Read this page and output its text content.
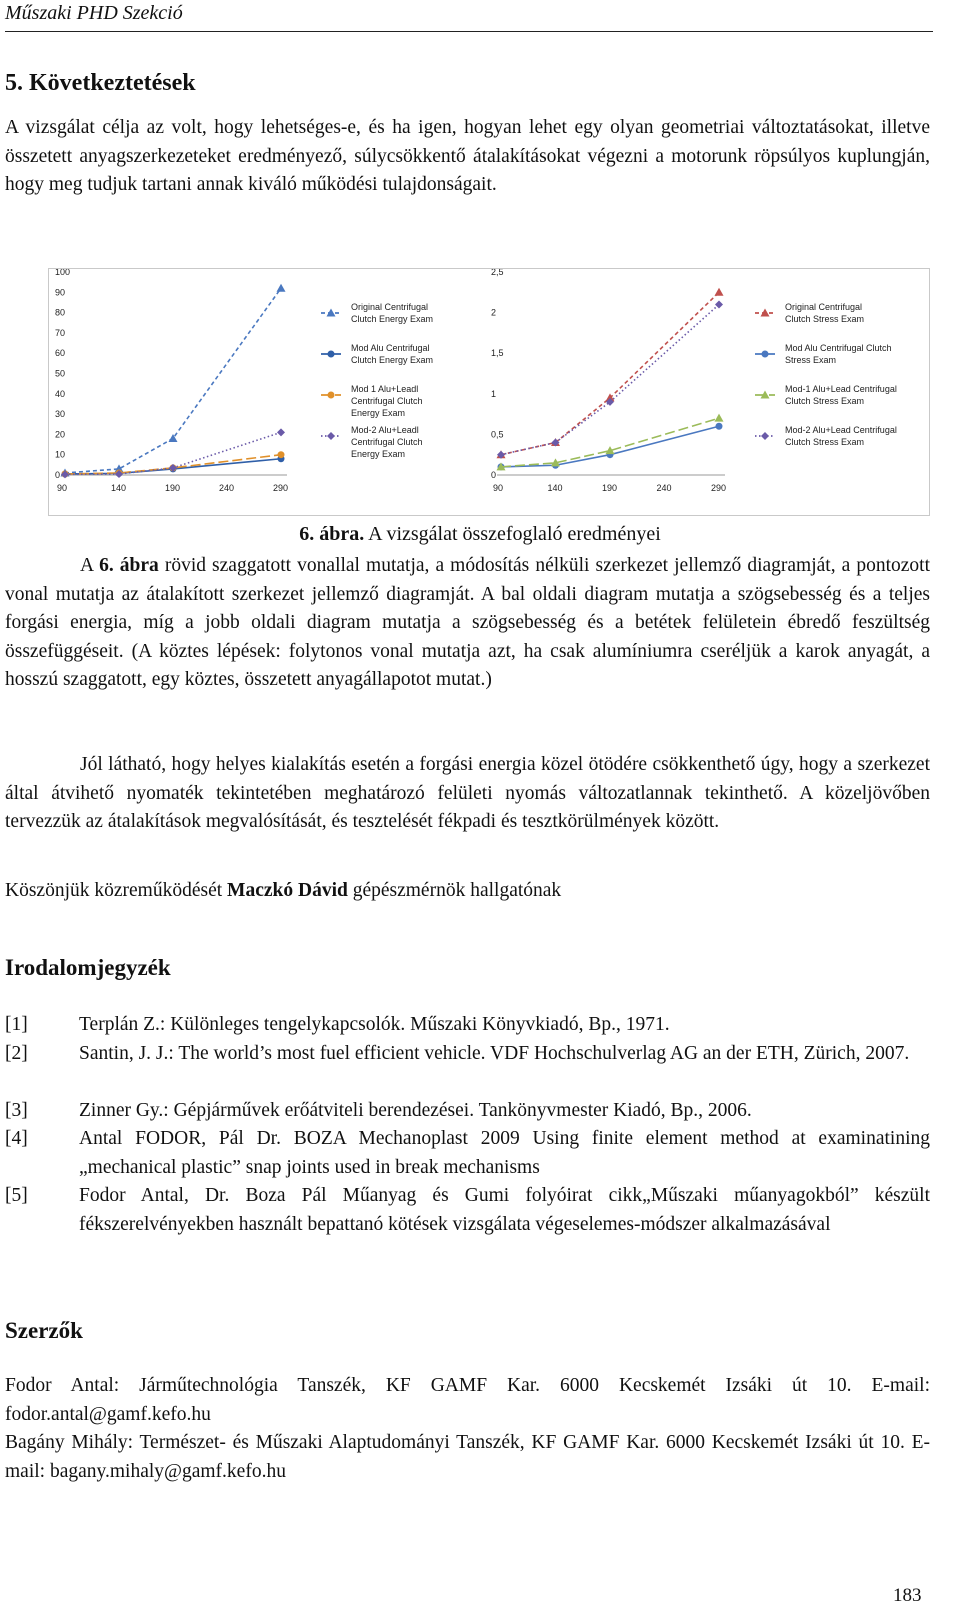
Műszaki PHD Szekció
5. Következtetések

A vizsgálat célja az volt, hogy lehetséges-e, és ha igen, hogyan lehet egy olyan geometriai változtatásokat, illetve összetett anyagszerkezeteket eredményező, súlycsökkentő átalakításokat végezni a motorunk röpsúlyos kuplungján, hogy meg tudjuk tartani annak kiváló működési tulajdonságait.

0
10
20
30
40
50
60
70
80
90
100
90	140	190	240	290
Original Centrifugal
Clutch Energy Exam
Mod Alu Centrifugal
Clutch Energy Exam
Mod 1 Alu+Leadl
Centrifugal Clutch
Energy Exam
Mod-2 Alu+Leadl
Centrifugal Clutch
Energy Exam
0
0,5
1
1,5
2
2,5
90	140	190	240	290
Original Centrifugal
Clutch Stress Exam
Mod Alu Centrifugal Clutch
Stress Exam
Mod-1 Alu+Lead Centrifugal
Clutch Stress Exam
Mod-2 Alu+Lead Centrifugal
Clutch Stress Exam
6. ábra. A vizsgálat összefoglaló eredményei

A 6. ábra rövid szaggatott vonallal mutatja, a módosítás nélküli szerkezet jellemző diagramját, a pontozott vonal mutatja az átalakított szerkezet jellemző diagramját. A bal oldali diagram mutatja a szögsebesség és a teljes forgási energia, míg a jobb oldali diagram mutatja a szögsebesség és a betétek felületein ébredő feszültség összefüggéseit. (A köztes lépések: folytonos vonal mutatja azt, ha csak alumíniumra cseréljük a karok anyagát, a hosszú szaggatott, egy köztes, összetett anyagállapotot mutat.)

Jól látható, hogy helyes kialakítás esetén a forgási energia közel ötödére csökkenthető úgy, hogy a szerkezet által átvihető nyomaték tekintetében meghatározó felületi nyomás változatlannak tekinthető. A közeljövőben tervezzük az átalakítások megvalósítását, és tesztelését fékpadi és tesztkörülmények között.

Köszönjük közreműködését Maczkó Dávid gépészmérnök hallgatónak

Irodalomjegyzék
[1]	Terplán Z.: Különleges tengelykapcsolók. Műszaki Könyvkiadó, Bp., 1971.
[2]	Santin, J. J.: The world’s most fuel efficient vehicle. VDF Hochschulverlag AG an der ETH, Zürich, 2007.
[3]	Zinner Gy.: Gépjárművek erőátviteli berendezései. Tankönyvmester Kiadó, Bp., 2006.
[4]	Antal FODOR, Pál Dr. BOZA Mechanoplast 2009 Using finite element method at examinatining „mechanical plastic” snap joints used in break mechanisms
[5]	Fodor Antal, Dr. Boza Pál Műanyag és Gumi folyóirat cikk„Műszaki műanyagokból” készült fékszerelvényekben használt bepattanó kötések vizsgálata végeselemes-módszer alkalmazásával
Szerzők

Fodor Antal: Járműtechnológia Tanszék, KF GAMF Kar. 6000 Kecskemét Izsáki út 10. E-mail: fodor.antal@gamf.kefo.hu

Bagány Mihály: Természet- és Műszaki Alaptudományi Tanszék, KF GAMF Kar. 6000 Kecskemét Izsáki út 10. E-mail: bagany.mihaly@gamf.kefo.hu

183
